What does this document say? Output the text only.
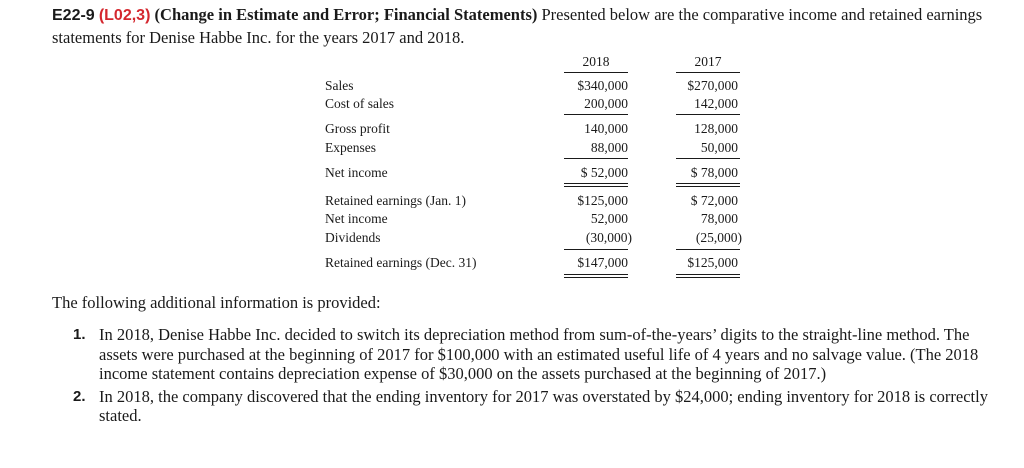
E22-9 (L02,3) (Change in Estimate and Error; Financial Statements) Presented below are the comparative income and retained earnings statements for Denise Habbe Inc. for the years 2017 and 2018.
2018	2017
Sales	$340,000	$270,000
Cost of sales	200,000	142,000
Gross profit	140,000	128,000
Expenses	88,000	50,000
Net income	$ 52,000	$ 78,000
Retained earnings (Jan. 1)	$125,000	$ 72,000
Net income	52,000	78,000
Dividends	(30,000)	(25,000)
Retained earnings (Dec. 31)	$147,000	$125,000
The following additional information is provided:
1. In 2018, Denise Habbe Inc. decided to switch its depreciation method from sum-of-the-years’ digits to the straight-line method. The assets were purchased at the beginning of 2017 for $100,000 with an estimated useful life of 4 years and no salvage value. (The 2018 income statement contains depreciation expense of $30,000 on the assets purchased at the beginning of 2017.)
2. In 2018, the company discovered that the ending inventory for 2017 was overstated by $24,000; ending inventory for 2018 is correctly stated.
